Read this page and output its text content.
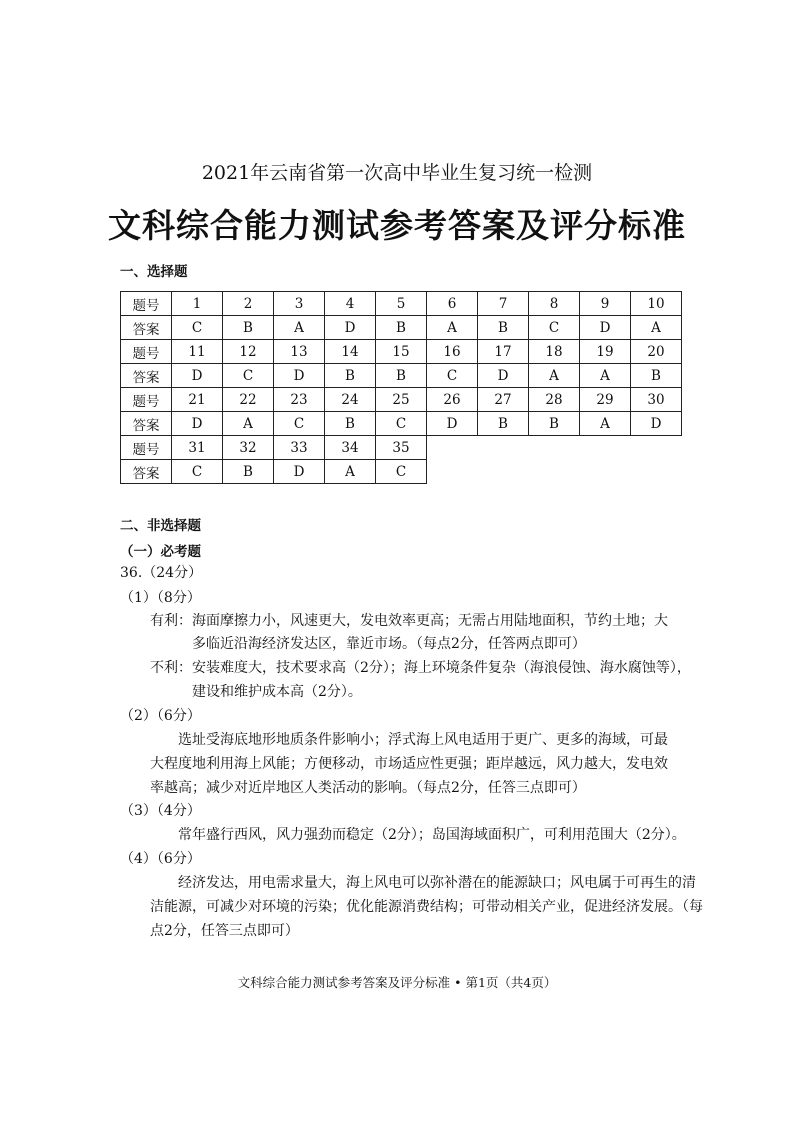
2021年云南省第一次高中毕业生复习统一检测
文科综合能力测试参考答案及评分标准
一、选择题
题号	1	2	3	4	5	6	7	8	9	10
答案	C	B	A	D	B	A	B	C	D	A
题号	11	12	13	14	15	16	17	18	19	20
答案	D	C	D	B	B	C	D	A	A	B
题号	21	22	23	24	25	26	27	28	29	30
答案	D	A	C	B	C	D	B	B	A	D
题号	31	32	33	34	35					
答案	C	B	D	A	C					
二、非选择题
（一）必考题
36.（24分）
（1）（8分）
有利：海面摩擦力小，风速更大，发电效率更高；无需占用陆地面积，节约土地；大
多临近沿海经济发达区，靠近市场。（每点2分，任答两点即可）
不利：安装难度大，技术要求高（2分）；海上环境条件复杂（海浪侵蚀、海水腐蚀等），
建设和维护成本高（2分）。
（2）（6分）
选址受海底地形地质条件影响小；浮式海上风电适用于更广、更多的海域，可最
大程度地利用海上风能；方便移动，市场适应性更强；距岸越远，风力越大，发电效
率越高；减少对近岸地区人类活动的影响。（每点2分，任答三点即可）
（3）（4分）
常年盛行西风，风力强劲而稳定（2分）；岛国海域面积广，可利用范围大（2分）。
（4）（6分）
经济发达，用电需求量大，海上风电可以弥补潜在的能源缺口；风电属于可再生的清
洁能源，可减少对环境的污染；优化能源消费结构；可带动相关产业，促进经济发展。（每
点2分，任答三点即可）
文科综合能力测试参考答案及评分标准 • 第1页（共4页）
